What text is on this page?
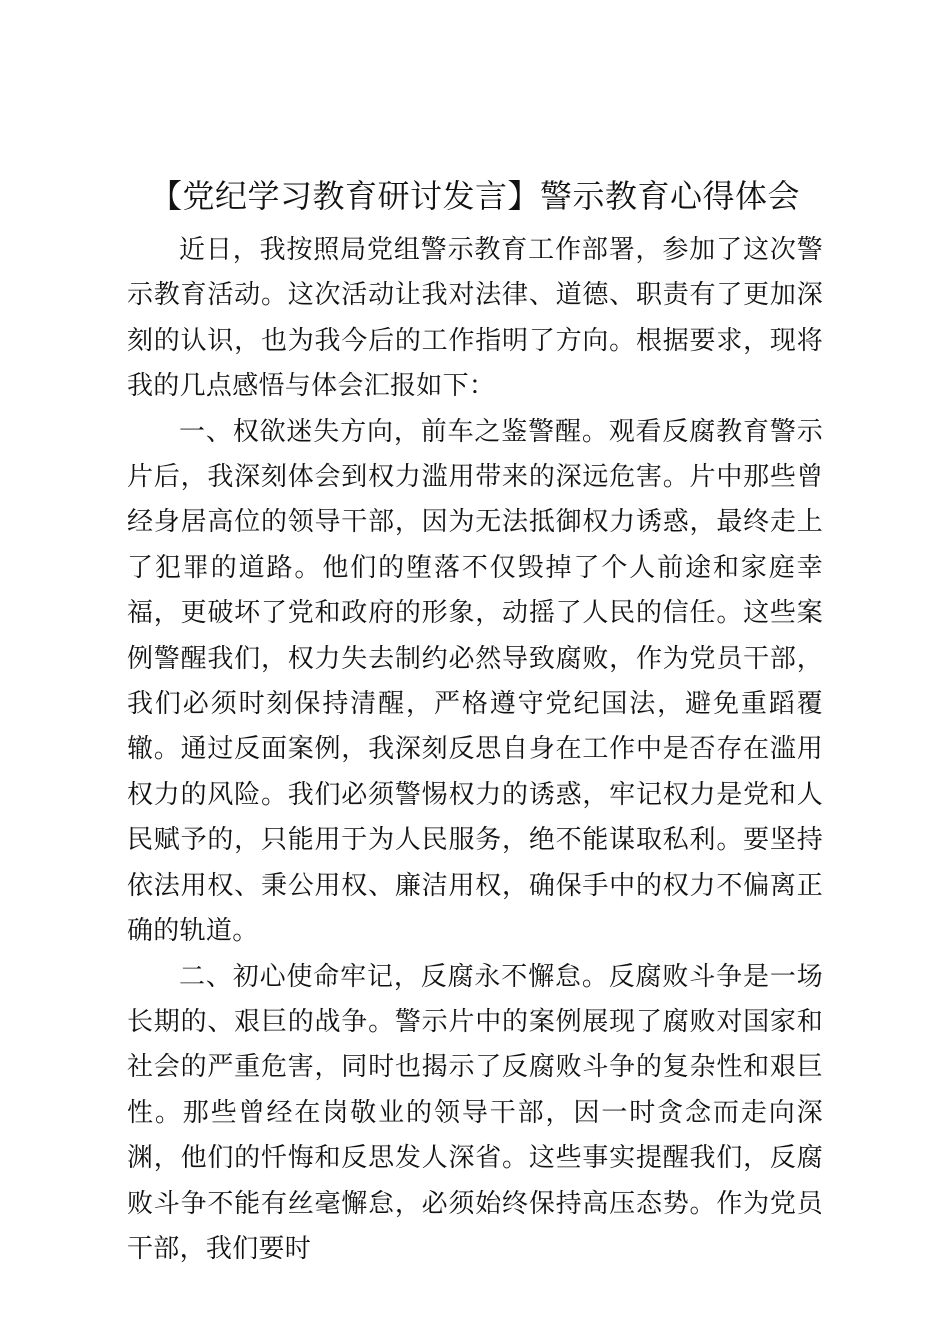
【党纪学习教育研讨发言】警示教育心得体会

近日，我按照局党组警示教育工作部署，参加了这次警示教育活动。这次活动让我对法律、道德、职责有了更加深刻的认识，也为我今后的工作指明了方向。根据要求，现将我的几点感悟与体会汇报如下：

一、权欲迷失方向，前车之鉴警醒。观看反腐教育警示片后，我深刻体会到权力滥用带来的深远危害。片中那些曾经身居高位的领导干部，因为无法抵御权力诱惑，最终走上了犯罪的道路。他们的堕落不仅毁掉了个人前途和家庭幸福，更破坏了党和政府的形象，动摇了人民的信任。这些案例警醒我们，权力失去制约必然导致腐败，作为党员干部，我们必须时刻保持清醒，严格遵守党纪国法，避免重蹈覆辙。通过反面案例，我深刻反思自身在工作中是否存在滥用权力的风险。我们必须警惕权力的诱惑，牢记权力是党和人民赋予的，只能用于为人民服务，绝不能谋取私利。要坚持依法用权、秉公用权、廉洁用权，确保手中的权力不偏离正确的轨道。

二、初心使命牢记，反腐永不懈怠。反腐败斗争是一场长期的、艰巨的战争。警示片中的案例展现了腐败对国家和社会的严重危害，同时也揭示了反腐败斗争的复杂性和艰巨性。那些曾经在岗敬业的领导干部，因一时贪念而走向深渊，他们的忏悔和反思发人深省。这些事实提醒我们，反腐败斗争不能有丝毫懈怠，必须始终保持高压态势。作为党员干部，我们要时
